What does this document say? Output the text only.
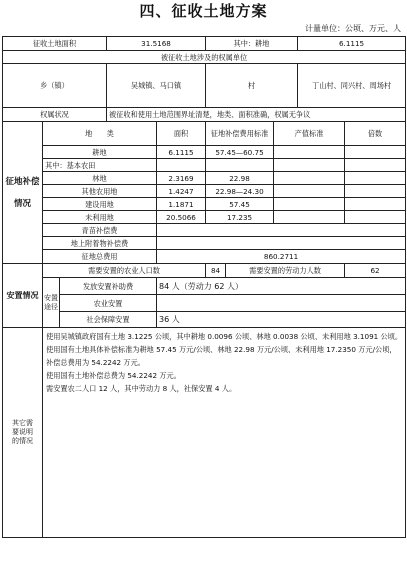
四、征收土地方案
计量单位：公顷、万元、人
征收土地面积			31.5168		其中：耕地			6.1115	
被征收土地涉及的权属单位									
乡（镇）			吴城镇、马口镇		村			丁山村、同兴村、周场村	
权属状况			被征收和使用土地范围界址清楚，地类、面积准确，权属无争议						
征地补偿情况	地　　类			面积	征地补偿费用标准		产值标准		倍数
	耕地			6.1115	57.45—60.75				
	其中：基本农田								
	林地			2.3169	22.98				
	其他农用地			1.4247	22.98—24.30				
	建设用地			1.1871	57.45				
	未利用地			20.5066	17.235				
	青苗补偿费								
	地上附着物补偿费								
	征地总费用			860.2711					
安置情况	需要安置的农业人口数				84	需要安置的劳动力人数			62
	安置途径	发放安置补助费		84 人（劳动力 62 人）					
		农业安置							
		社会保障安置		36 人					
其它需要说明的情况	使用吴城镇政府国有土地 3.1225 公顷，其中耕地 0.0096 公顷、林地 0.0038 公顷、未利用地 3.1091 公顷。使用国有土地具体补偿标准为耕地 57.45 万元/公顷、林地 22.98 万元/公顷、未利用地 17.2350 万元/公顷，补偿总费用为 54.2242 万元。

使用国有土地补偿总费为 54.2242 万元。

需安置农二人口 12 人，其中劳动力 8 人，社保安置 4 人。								
